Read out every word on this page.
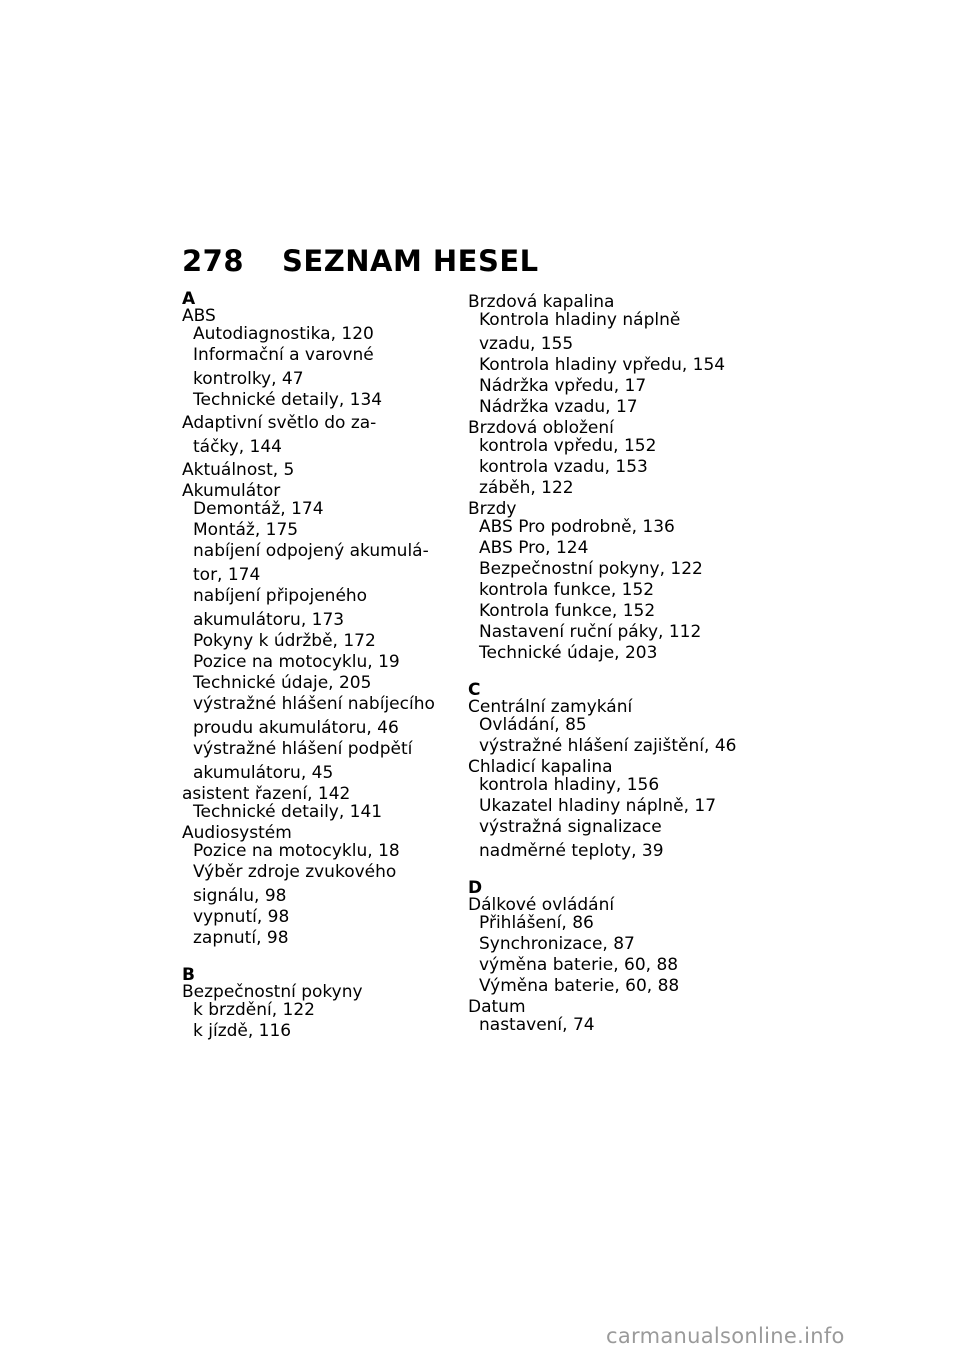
278 SEZNAM HESEL
A
ABS
Autodiagnostika, 120
Informační a varovné
kontrolky, 47
Technické detaily, 134
Adaptivní světlo do za-
táčky, 144
Aktuálnost, 5
Akumulátor
Demontáž, 174
Montáž, 175
nabíjení odpojený akumulá-
tor, 174
nabíjení připojeného
akumulátoru, 173
Pokyny k údržbě, 172
Pozice na motocyklu, 19
Technické údaje, 205
výstražné hlášení nabíjecího
proudu akumulátoru, 46
výstražné hlášení podpětí
akumulátoru, 45
asistent řazení, 142
Technické detaily, 141
Audiosystém
Pozice na motocyklu, 18
Výběr zdroje zvukového
signálu, 98
vypnutí, 98
zapnutí, 98
B
Bezpečnostní pokyny
k brzdění, 122
k jízdě, 116
Brzdová kapalina
Kontrola hladiny náplně
vzadu, 155
Kontrola hladiny vpředu, 154
Nádržka vpředu, 17
Nádržka vzadu, 17
Brzdová obložení
kontrola vpředu, 152
kontrola vzadu, 153
záběh, 122
Brzdy
ABS Pro podrobně, 136
ABS Pro, 124
Bezpečnostní pokyny, 122
kontrola funkce, 152
Kontrola funkce, 152
Nastavení ruční páky, 112
Technické údaje, 203
C
Centrální zamykání
Ovládání, 85
výstražné hlášení zajištění, 46
Chladicí kapalina
kontrola hladiny, 156
Ukazatel hladiny náplně, 17
výstražná signalizace
nadměrné teploty, 39
D
Dálkové ovládání
Přihlášení, 86
Synchronizace, 87
výměna baterie, 60, 88
Výměna baterie, 60, 88
Datum
nastavení, 74
carmanualsonline.info
